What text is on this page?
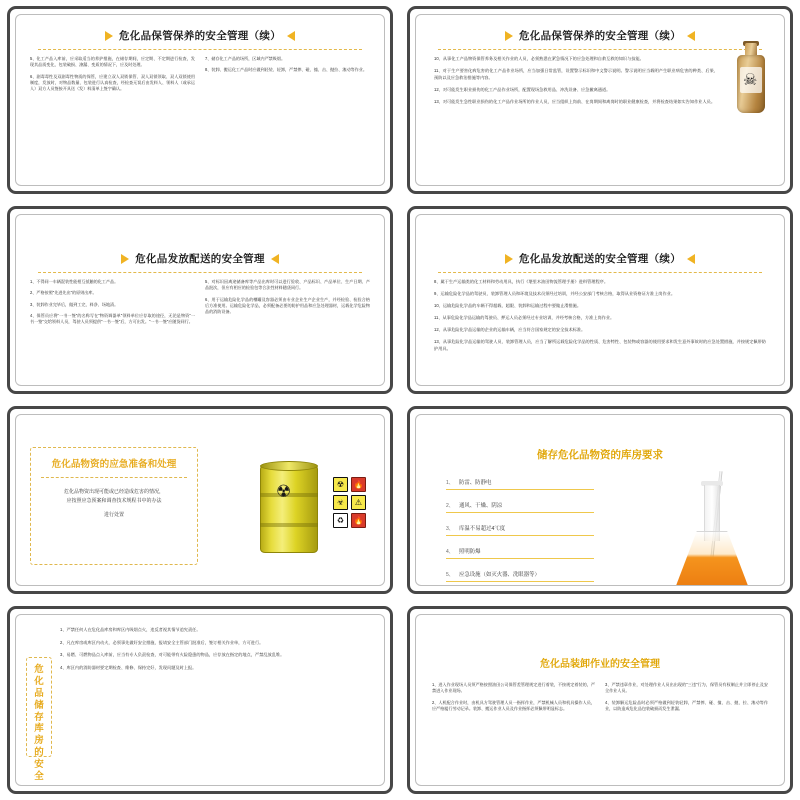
危化品保管保养的安全管理（续）
5、化工产品入库前，应采取适当的养护措施，在储存期间，应定期、不定期进行检查，发现其品质变化、包装破损、渗漏、变质的情况下，应及时处理。
6、剧毒毒性及双剧毒性物质的保管，应建立双人双锁保管、双人双锁领取、双人双锁使用制度，发放时，对物品数量、包装进行认真检查，经检查无误后由发料人、领料人（或承运人）双方人员签接开具送（发）料清单上签字确认。
7、储存化工产品的场所，区域内严禁吸烟。
8、装卸、搬运化工产品时应做到轻装、轻卸，严禁摔、碰、撞、击、抛拉、滚动等作业。
危化品保管保养的安全管理（续）
10、从事化工产品物资保管养务及相关作业的人员，必须熟悉在紧急情况下的应急处理和自救互救的知识与技能。
11、对于生产要害化病危害的化工产品作业场所，应当加强日常监管，设置警示标识和中文警示说明。警示说明应当载明产生职业病危害的种类、后果、预防以及应急救治措施等内容。
12、对可能发生职业损伤的化工产品作业场所，配置现场急救用品、冲洗设备、应急撤离通道。
13、对可能发生急性职业损伤的化工产品作业场所的作业人员，应当组织上岗前、在岗期间和离岗时的职业健康检查，并将检查结果如实告知作业人员。
☠
危化品发放配送的安全管理
1、不得同一车辆混装性能相互抵触的化工产品。
2、严格按照"先进先出"的原则出库。
3、装卸作业完毕后，做到工完、料净、场地清。
4、保管员应将"一书一签"的名称写在"物资调器单"领料单位应存取的途径，无论是物资"一书一签"交给领料人员，驾驶人员须提供"一书一签"后，方可出发。"一书一签"应随货同行。
5、对标识因离途储备库等产品出库时可以进行验收、产品标识、产品单位、生产日期、产品批次，但应有相应的检验包等合法性材料随货同行。
6、用于运输危险化学品的槽罐及容器必须由专业企业生产企业生产，并经检验、检验合格后方准使用。运输危险化学品，必须配备必要的防护用品和应急处理器材，运载化学危险物品的消防设备。
危化品发放配送的安全管理（续）
8、属于生产运输类的化工材料和劳动用具，执行《堪里木油田物流管理手册》进料管理程序。
9、运输危险化学品的驾驶员、装卸管理人员和环境及技术员须经过培训，并经公安部门考核合格，取得从业资格证方准上岗作业。
10、运输危险化学品的车辆不得超载、超限、装卸和运输过程中要做止滑措施。
11、从事危险化学品运输的驾驶员、押运人员必须经过专业培训，并经考核合格，方准上岗作业。
12、从事危险化学品运输的企业的运输车辆，应当符合国家规定的安全技术标准。
13、从事危险化学品运输的驾驶人员、装卸管理人员，应当了解所运载危险化学品的性质、危害特性、包装物或容器的使用要求和发生意外事故时的应急处置措施，并按规定佩带防护用具。
危化品物资的应急准备和处理
危化品物资出现可能或已经造成危害的情况，
应按照应急预案和调查技术规程书中的办法
进行处置
☢	☢	🔥
☣	⚠
♻	🔥
储存危化品物资的库房要求
1、 防雷、防静电
2、 通风、干燥、阴凉
3、 库温不易超过4℃度
4、 照明防爆
5、 应急设施（如灭火器、洗眼器等）
危化品储存库房的安全
1、严禁任何人在危化品库房和库区内吸烟点火，违反者视其情节追究责任。
2、凡在库房或库区内动火，必须事先做好安全措施，报请安全主管部门批准后，签订相关作业单，方可进行。
3、易燃、可燃物品点入库前，应当有专人负责检查，对可能带有火险隐患的物品，应存放在指定的地点，严禁乱放乱堆。
4、库区内的消防器材要定期检查、维修、保持完好，发现问题及时上报。	危化品装卸作业的安全管理
1、进入作业现场人员须严格按照油田公司保管差管理规定进行着装，不按规定着装的，严禁进入作业现场。
2、人机配合作业时，由机具方驾驶管理人员一指挥作业，严禁机械人员和机具操作人员，应严格履行劳动记录。装卸、搬运作业人员及作业指挥必须佩带明显标志。
3、严禁违章作业，对处理作业人员出出现的"三违"行为，保管员有权制止并立即停止及安全作业人员。
4、装卸解运危险品时必须严格做到轻装轻卸，严禁摔、碰、撞、击、抛、拉、滚动等作业，以防造成危化品包装破损而发生泄漏。
